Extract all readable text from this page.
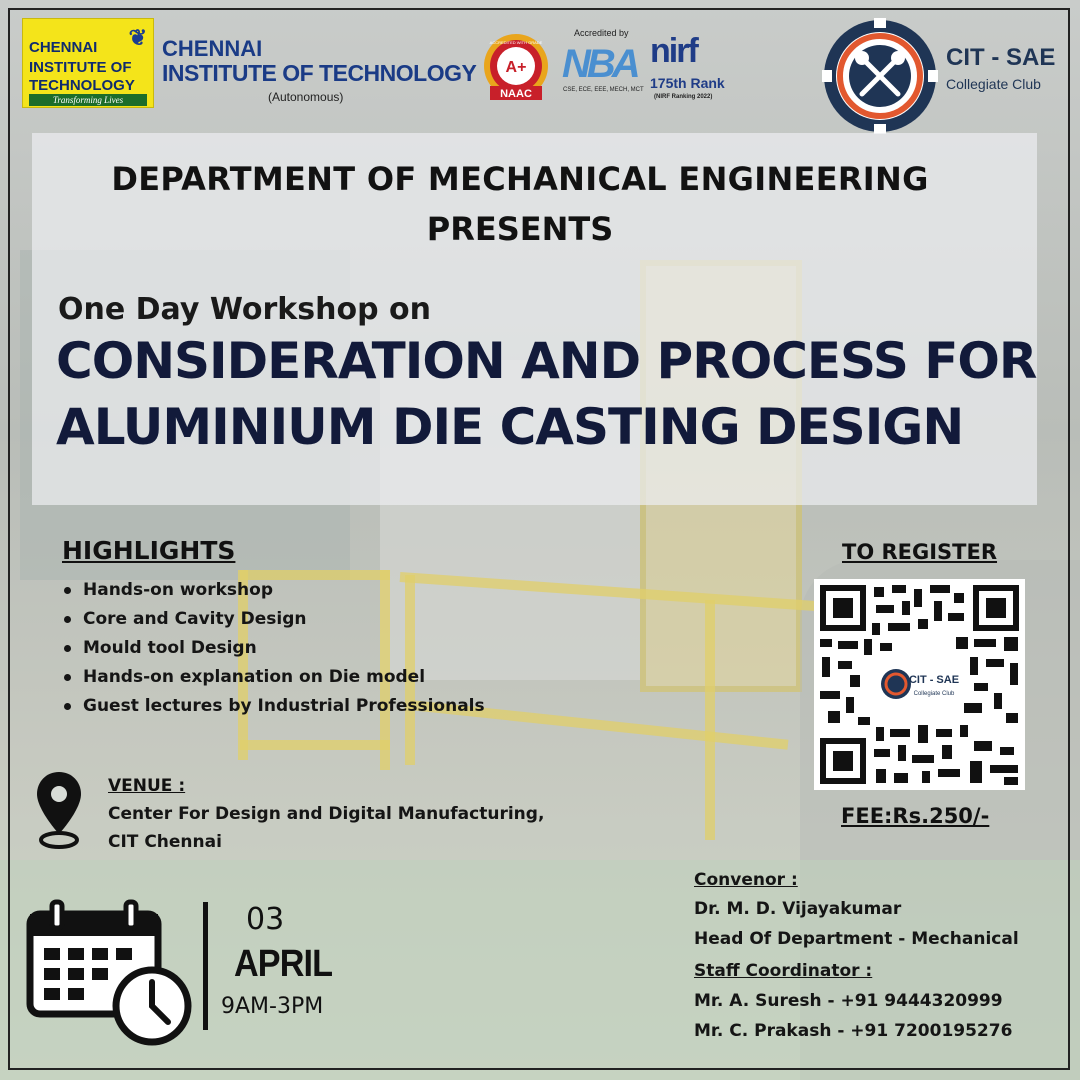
❦
CHENNAI
INSTITUTE OF
TECHNOLOGY
Transforming Lives
CHENNAI
INSTITUTE OF TECHNOLOGY
(Autonomous)
A+
NAAC
ACCREDITED WITH GRADE
Accredited by
NBA
CSE, ECE, EEE, MECH, MCT
nirf
175th Rank
(NIRF Ranking 2022)
CIT - SAE
Collegiate Club
DEPARTMENT OF MECHANICAL ENGINEERING
PRESENTS
One Day Workshop on
CONSIDERATION AND PROCESS FOR
ALUMINIUM DIE CASTING DESIGN
HIGHLIGHTS
Hands-on workshop
Core and Cavity Design
Mould tool Design
Hands-on explanation on Die model
Guest lectures by Industrial Professionals
VENUE :
Center For Design and Digital Manufacturing,
CIT Chennai
03
APRIL
9AM-3PM
TO REGISTER
CIT - SAE
Collegiate Club
FEE:Rs.250/-
Convenor :
Dr. M. D. Vijayakumar
Head Of Department - Mechanical
Staff Coordinator :
Mr. A. Suresh - +91 9444320999
Mr. C. Prakash - +91 7200195276
